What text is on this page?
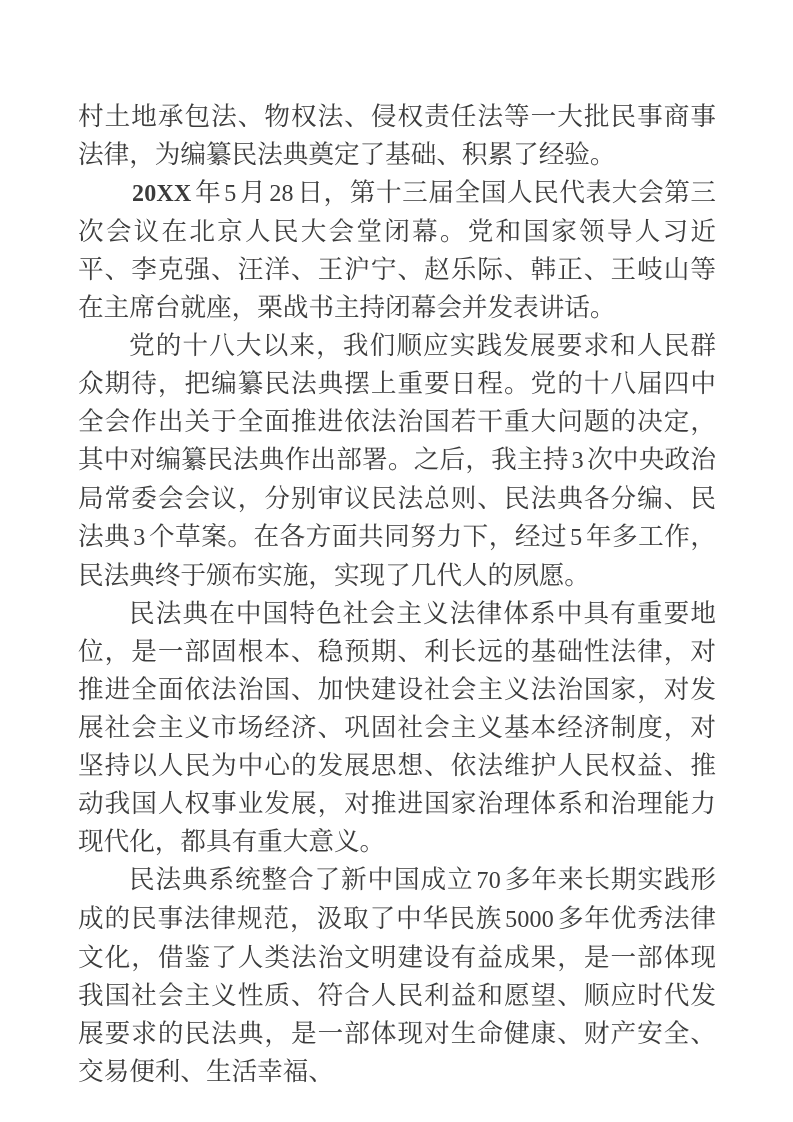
村土地承包法、物权法、侵权责任法等一大批民事商事法律，为编纂民法典奠定了基础、积累了经验。

20XX 年 5 月 28 日，第十三届全国人民代表大会第三次会议在北京人民大会堂闭幕。党和国家领导人习近平、李克强、汪洋、王沪宁、赵乐际、韩正、王岐山等在主席台就座，栗战书主持闭幕会并发表讲话。

党的十八大以来，我们顺应实践发展要求和人民群众期待，把编纂民法典摆上重要日程。党的十八届四中全会作出关于全面推进依法治国若干重大问题的决定，其中对编纂民法典作出部署。之后，我主持 3 次中央政治局常委会会议，分别审议民法总则、民法典各分编、民法典 3 个草案。在各方面共同努力下，经过 5 年多工作，民法典终于颁布实施，实现了几代人的夙愿。

民法典在中国特色社会主义法律体系中具有重要地位，是一部固根本、稳预期、利长远的基础性法律，对推进全面依法治国、加快建设社会主义法治国家，对发展社会主义市场经济、巩固社会主义基本经济制度，对坚持以人民为中心的发展思想、依法维护人民权益、推动我国人权事业发展，对推进国家治理体系和治理能力现代化，都具有重大意义。

民法典系统整合了新中国成立 70 多年来长期实践形成的民事法律规范，汲取了中华民族 5000 多年优秀法律文化，借鉴了人类法治文明建设有益成果，是一部体现我国社会主义性质、符合人民利益和愿望、顺应时代发展要求的民法典，是一部体现对生命健康、财产安全、交易便利、生活幸福、
